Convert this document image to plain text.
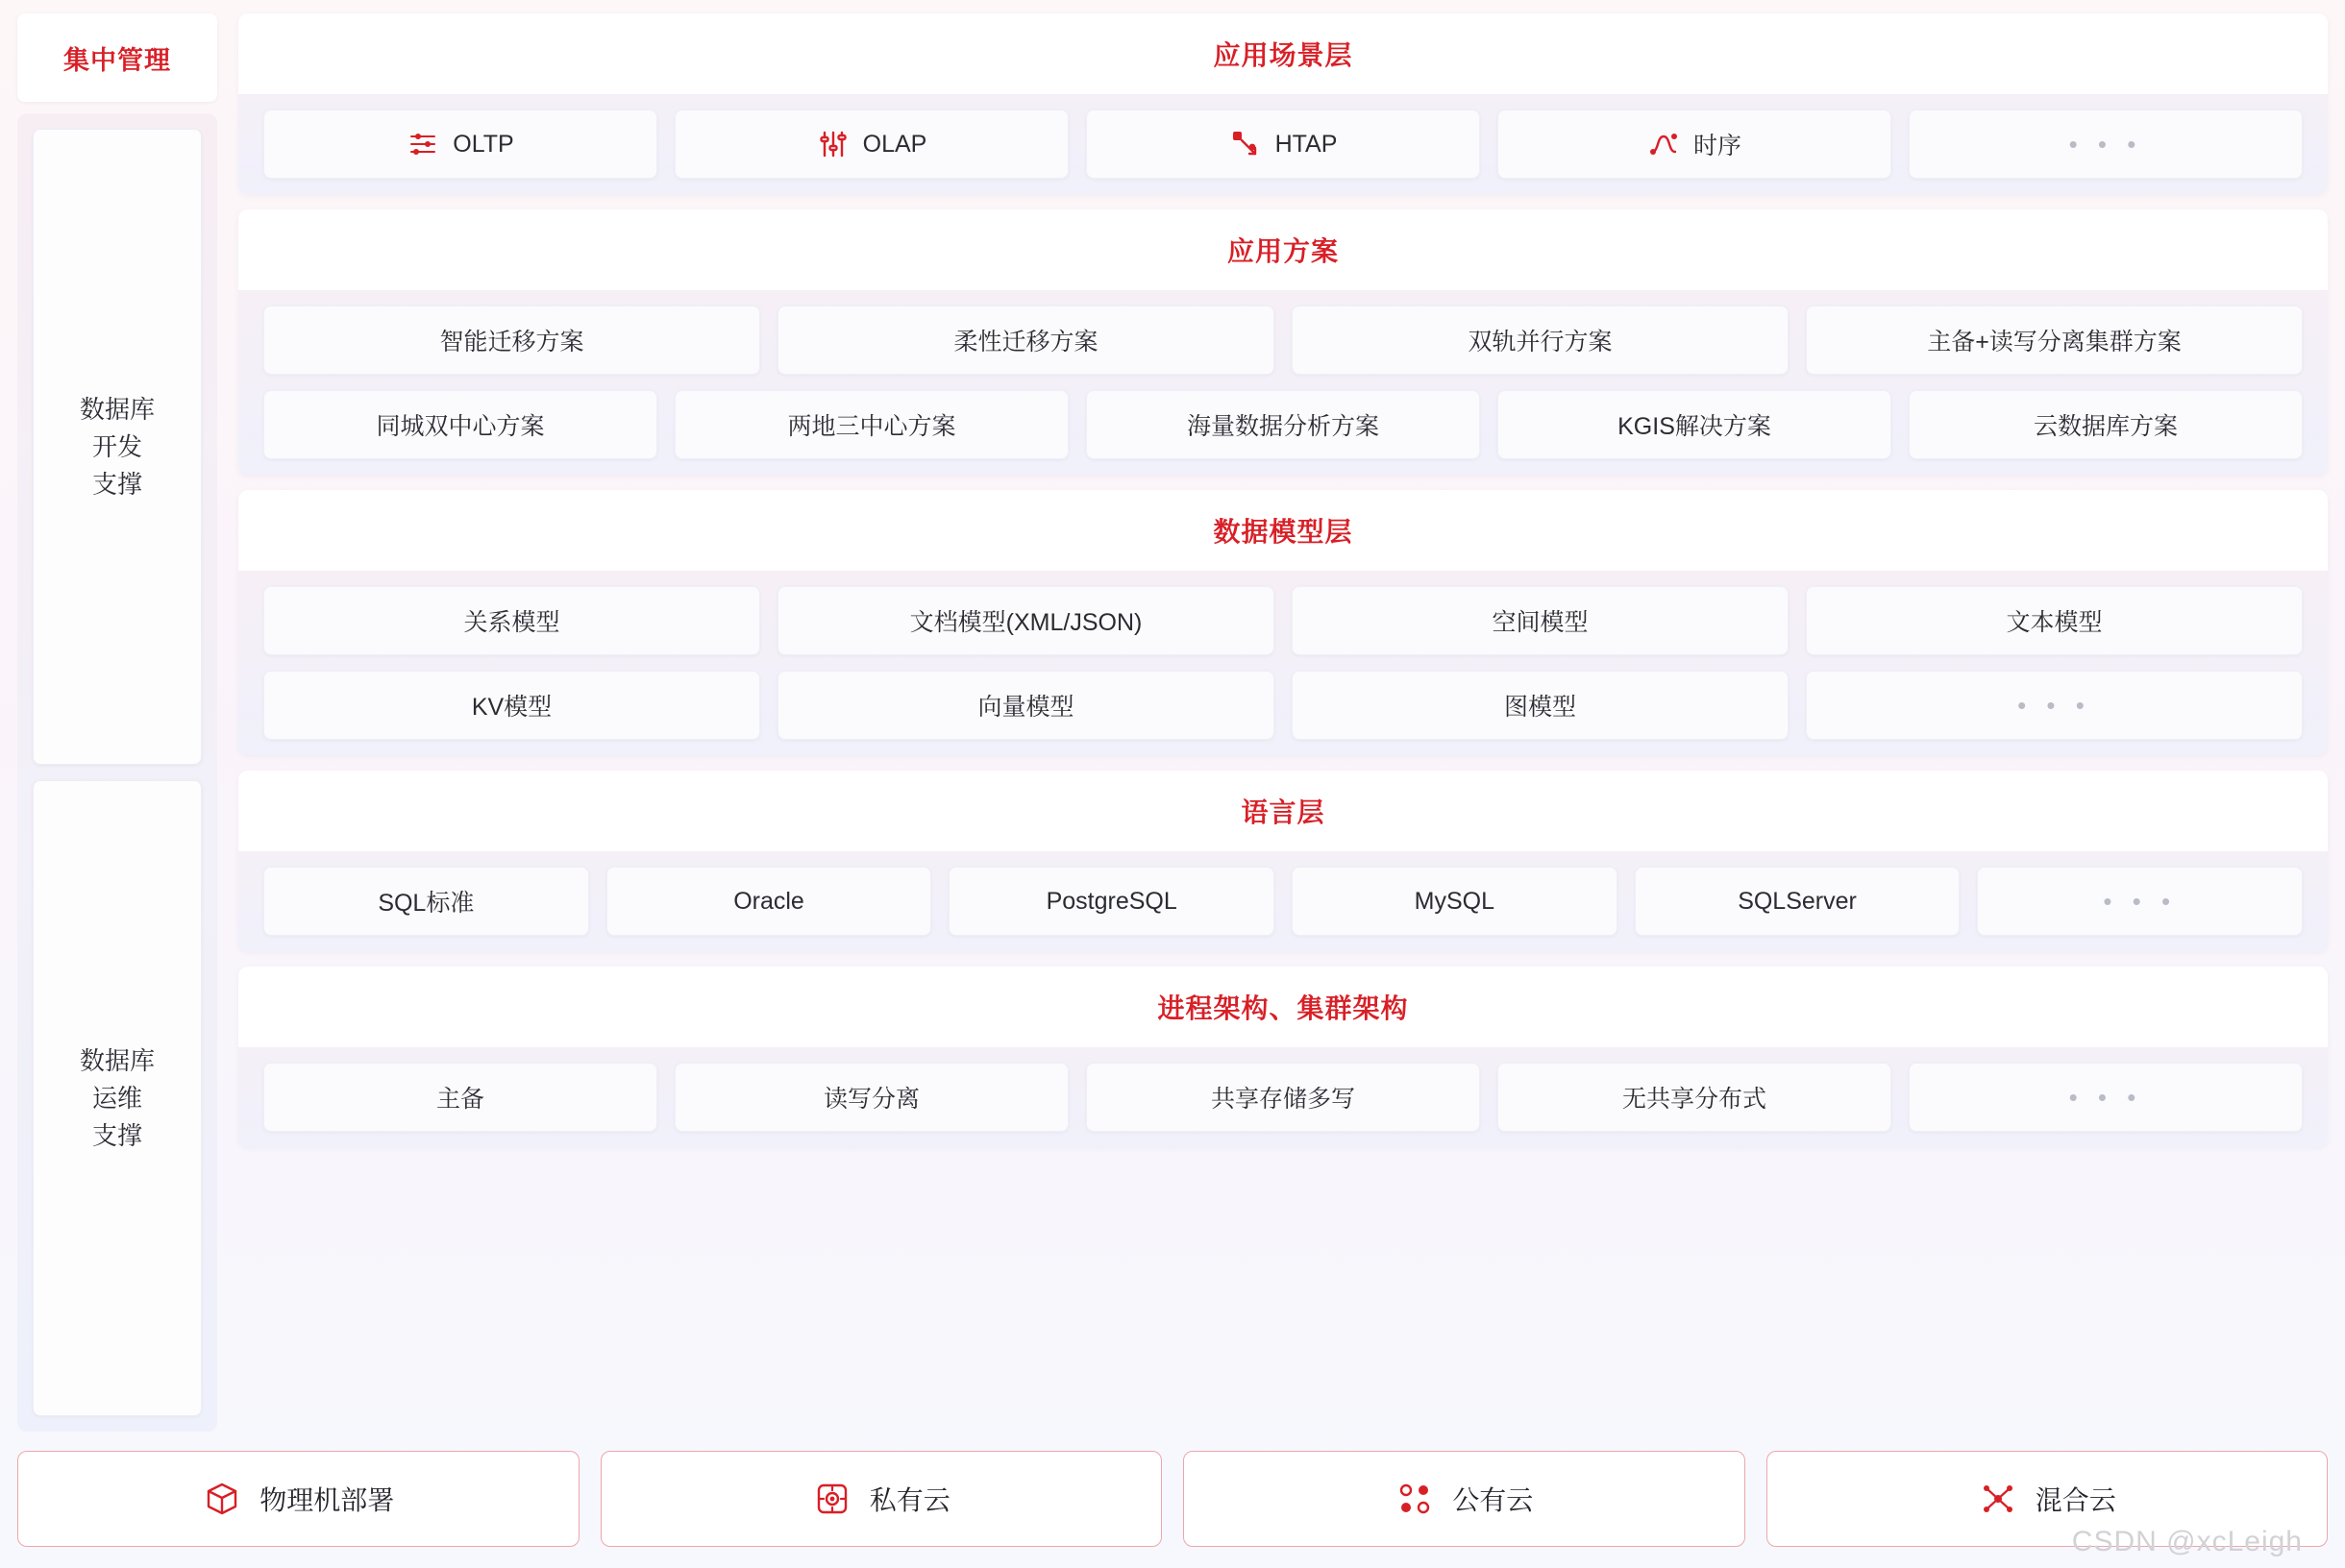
集中管理
数据库
开发
支撑
数据库
运维
支撑
应用场景层
OLTP	OLAP	HTAP	时序	• • •
应用方案
智能迁移方案	柔性迁移方案	双轨并行方案	主备+读写分离集群方案
同城双中心方案	两地三中心方案	海量数据分析方案	KGIS解决方案	云数据库方案
数据模型层
关系模型	文档模型(XML/JSON)	空间模型	文本模型
KV模型	向量模型	图模型	• • •
语言层
SQL标准	Oracle	PostgreSQL	MySQL	SQLServer	• • •
进程架构、集群架构
主备	读写分离	共享存储多写	无共享分布式	• • •
物理机部署	私有云	公有云	混合云
CSDN @xcLeigh
